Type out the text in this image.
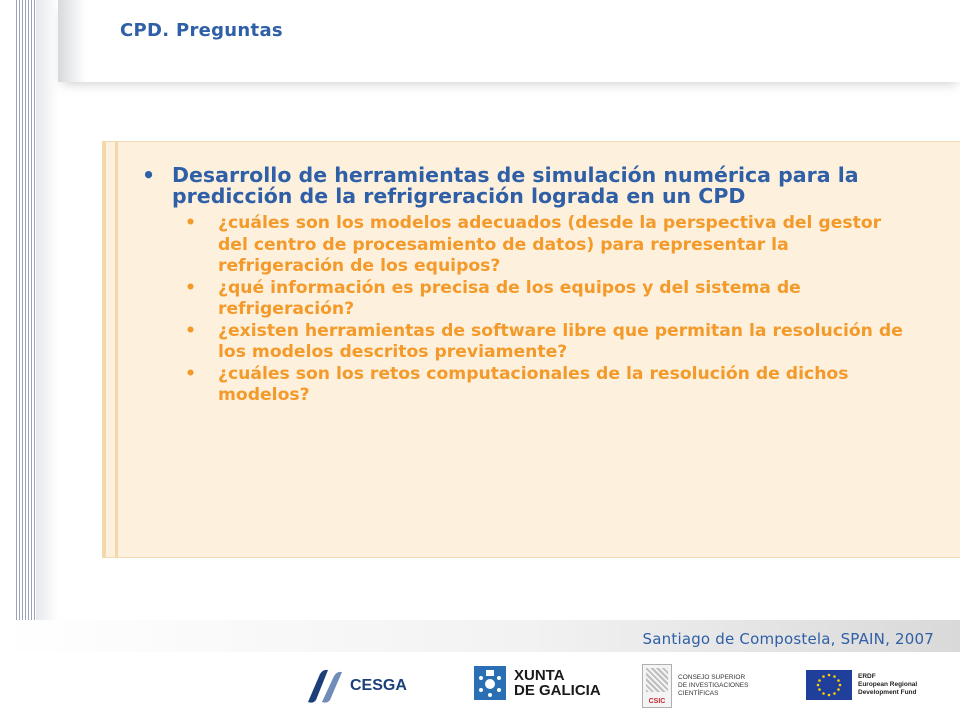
CPD. Preguntas
• Desarrollo de herramientas de simulación numérica para la predicción de la refrigreración lograda en un CPD
• ¿cuáles son los modelos adecuados (desde la perspectiva del gestor del centro de procesamiento de datos) para representar la refrigeración de los equipos?
• ¿qué información es precisa de los equipos y del sistema de refrigeración?
• ¿existen herramientas de software libre que permitan la resolución de los modelos descritos previamente?
• ¿cuáles son los retos computacionales de la resolución de dichos modelos?
Santiago de Compostela, SPAIN, 2007
CESGA
XUNTA
DE GALICIA
CSIC
CONSEJO SUPERIOR
DE INVESTIGACIONES
CIENTÍFICAS
ERDF
European Regional
Development Fund
